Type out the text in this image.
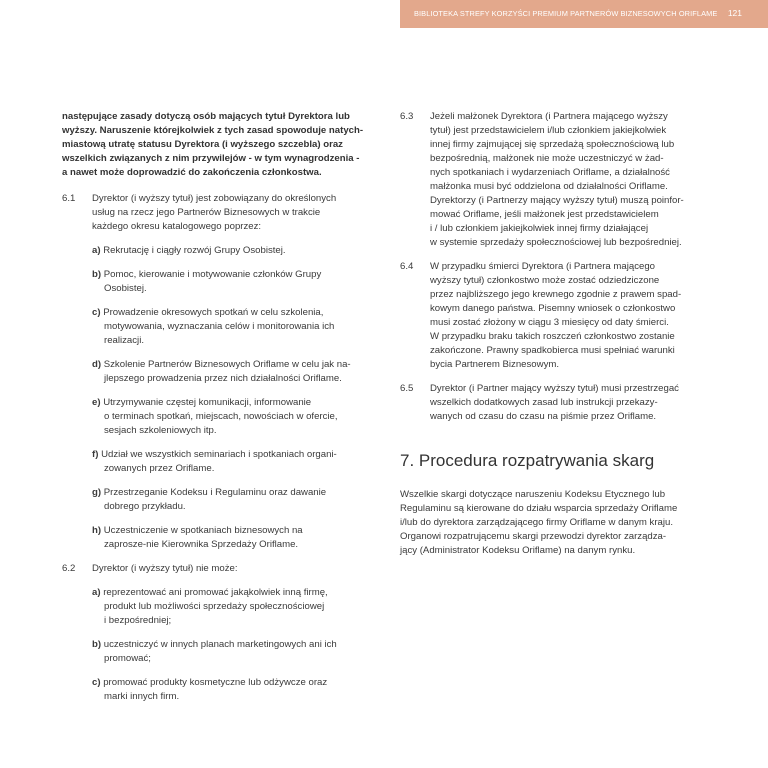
BIBLIOTEKA STREFY KORZYŚCI PREMIUM PARTNERÓW BIZNESOWYCH ORIFLAME 121
następujące zasady dotyczą osób mających tytuł Dyrektora lub
wyższy. Naruszenie którejkolwiek z tych zasad spowoduje natych-
miastową utratę statusu Dyrektora (i wyższego szczebla) oraz
wszelkich związanych z nim przywilejów - w tym wynagrodzenia -
a nawet może doprowadzić do zakończenia członkostwa.
6.1 Dyrektor (i wyższy tytuł) jest zobowiązany do określonych
usług na rzecz jego Partnerów Biznesowych w trakcie
każdego okresu katalogowego poprzez:
a) Rekrutację i ciągły rozwój Grupy Osobistej.
b) Pomoc, kierowanie i motywowanie członków Grupy
Osobistej.
c) Prowadzenie okresowych spotkań w celu szkolenia,
motywowania, wyznaczania celów i monitorowania ich
realizacji.
d) Szkolenie Partnerów Biznesowych Oriflame w celu jak na-
jlepszego prowadzenia przez nich działalności Oriflame.
e) Utrzymywanie częstej komunikacji, informowanie
o terminach spotkań, miejscach, nowościach w ofercie,
sesjach szkoleniowych itp.
f) Udział we wszystkich seminariach i spotkaniach organi-
zowanych przez Oriflame.
g) Przestrzeganie Kodeksu i Regulaminu oraz dawanie
dobrego przykładu.
h) Uczestniczenie w spotkaniach biznesowych na
zaprosze-nie Kierownika Sprzedaży Oriflame.
6.2 Dyrektor (i wyższy tytuł) nie może:
a) reprezentować ani promować jakąkolwiek inną firmę,
produkt lub możliwości sprzedaży społecznościowej
i bezpośredniej;
b) uczestniczyć w innych planach marketingowych ani ich
promować;
c) promować produkty kosmetyczne lub odżywcze oraz
marki innych firm.
6.3 Jeżeli małżonek Dyrektora (i Partnera mającego wyższy
tytuł) jest przedstawicielem i/lub członkiem jakiejkolwiek
innej firmy zajmującej się sprzedażą społecznościową lub
bezpośrednią, małżonek nie może uczestniczyć w żad-
nych spotkaniach i wydarzeniach Oriflame, a działalność
małżonka musi być oddzielona od działalności Oriflame.
Dyrektorzy (i Partnerzy mający wyższy tytuł) muszą poinfor-
mować Oriflame, jeśli małżonek jest przedstawicielem
i / lub członkiem jakiejkolwiek innej firmy działającej
w systemie sprzedaży społecznościowej lub bezpośredniej.
6.4 W przypadku śmierci Dyrektora (i Partnera mającego
wyższy tytuł) członkostwo może zostać odziedziczone
przez najbliższego jego krewnego zgodnie z prawem spad-
kowym danego państwa. Pisemny wniosek o członkostwo
musi zostać złożony w ciągu 3 miesięcy od daty śmierci.
W przypadku braku takich roszczeń członkostwo zostanie
zakończone. Prawny spadkobierca musi spełniać warunki
bycia Partnerem Biznesowym.
6.5 Dyrektor (i Partner mający wyższy tytuł) musi przestrzegać
wszelkich dodatkowych zasad lub instrukcji przekazy-
wanych od czasu do czasu na piśmie przez Oriflame.
7. Procedura rozpatrywania skarg
Wszelkie skargi dotyczące naruszeniu Kodeksu Etycznego lub
Regulaminu są kierowane do działu wsparcia sprzedaży Oriflame
i/lub do dyrektora zarządzającego firmy Oriflame w danym kraju.
Organowi rozpatrującemu skargi przewodzi dyrektor zarządza-
jący (Administrator Kodeksu Oriflame) na danym rynku.
